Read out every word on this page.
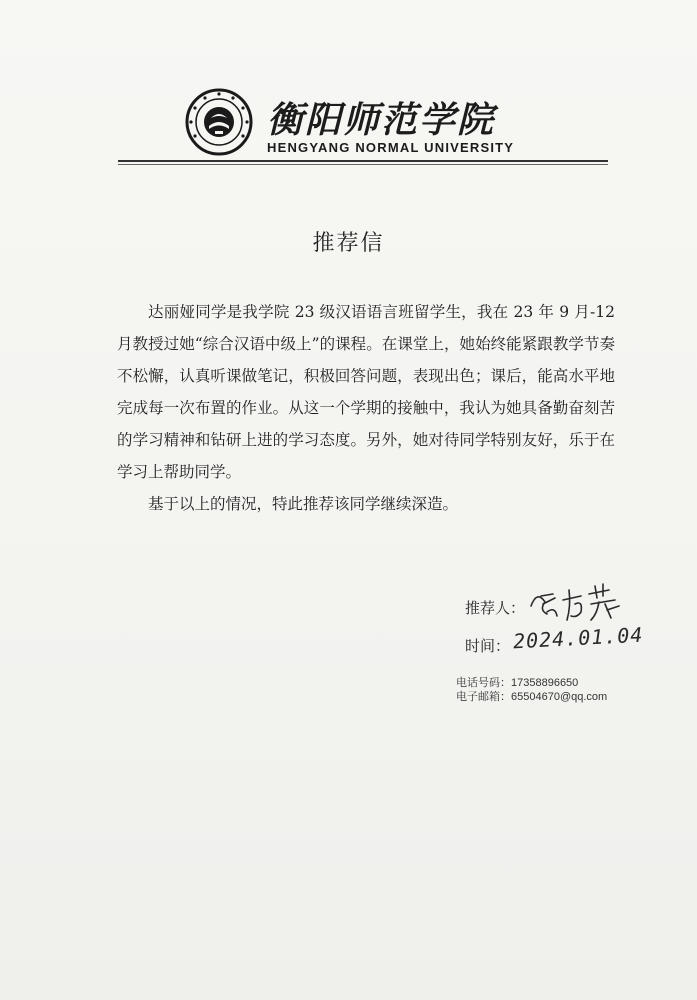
衡阳师范学院
HENGYANG NORMAL UNIVERSITY
推荐信

达丽娅同学是我学院 23 级汉语语言班留学生，我在 23 年 9 月-12 月教授过她“综合汉语中级上”的课程。在课堂上，她始终能紧跟教学节奏不松懈，认真听课做笔记，积极回答问题，表现出色；课后，能高水平地完成每一次布置的作业。从这一个学期的接触中，我认为她具备勤奋刻苦的学习精神和钻研上进的学习态度。另外，她对待同学特别友好，乐于在学习上帮助同学。

基于以上的情况，特此推荐该同学继续深造。

推荐人：
时间： 2024.01.04
电话号码：17358896650
电子邮箱：65504670@qq.com
